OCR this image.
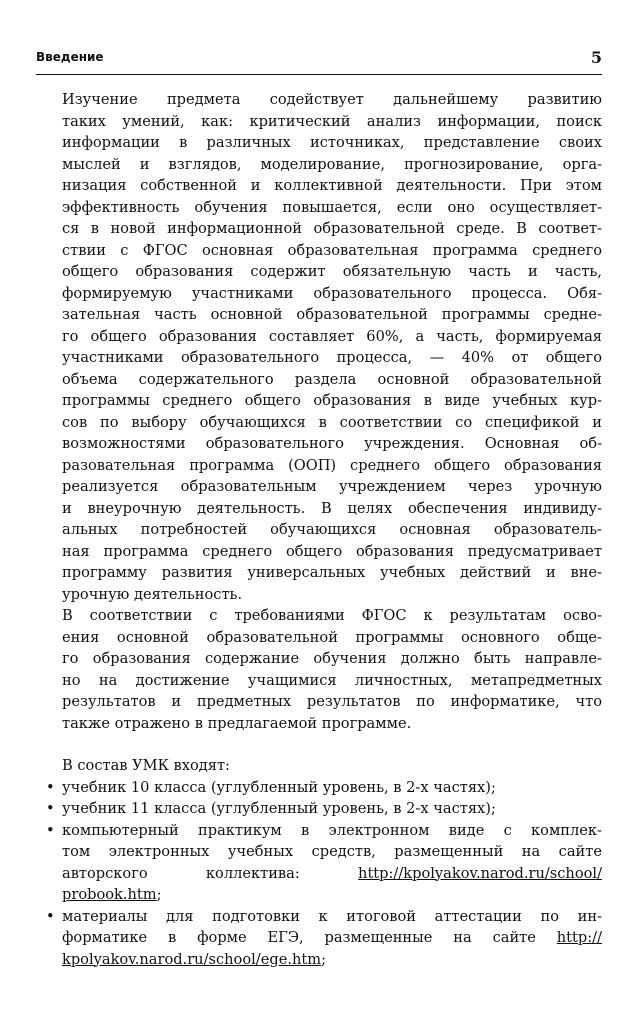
Введение	5
Изучение предмета содействует дальнейшему развитию
таких умений, как: критический анализ информации, поиск
информации в различных источниках, представление своих
мыслей и взглядов, моделирование, прогнозирование, орга-
низация собственной и коллективной деятельности. При этом
эффективность обучения повышается, если оно осуществляет-
ся в новой информационной образовательной среде. В соответ-
ствии с ФГОС основная образовательная программа среднего
общего образования содержит обязательную часть и часть,
формируемую участниками образовательного процесса. Обя-
зательная часть основной образовательной программы средне-
го общего образования составляет 60%, а часть, формируемая
участниками образовательного процесса, — 40% от общего
объема содержательного раздела основной образовательной
программы среднего общего образования в виде учебных кур-
сов по выбору обучающихся в соответствии со спецификой и
возможностями образовательного учреждения. Основная об-
разовательная программа (ООП) среднего общего образования
реализуется образовательным учреждением через урочную
и внеурочную деятельность. В целях обеспечения индивиду-
альных потребностей обучающихся основная образователь-
ная программа среднего общего образования предусматривает
программу развития универсальных учебных действий и вне-
урочную деятельность.
В соответствии с требованиями ФГОС к результатам осво-
ения основной образовательной программы основного обще-
го образования содержание обучения должно быть направле-
но на достижение учащимися личностных, метапредметных
результатов и предметных результатов по информатике, что
также отражено в предлагаемой программе.

В состав УМК входят:

• учебник 10 класса (углубленный уровень, в 2-х частях);
• учебник 11 класса (углубленный уровень, в 2-х частях);
• компьютерный практикум в электронном виде с комплек-
том электронных учебных средств, размещенный на сайте
авторского коллектива:	http://kpolyakov.narod.ru/school/
probook.htm;
• материалы для подготовки к итоговой аттестации по ин-
форматике в форме ЕГЭ, размещенные на сайте http://
kpolyakov.narod.ru/school/ege.htm;
